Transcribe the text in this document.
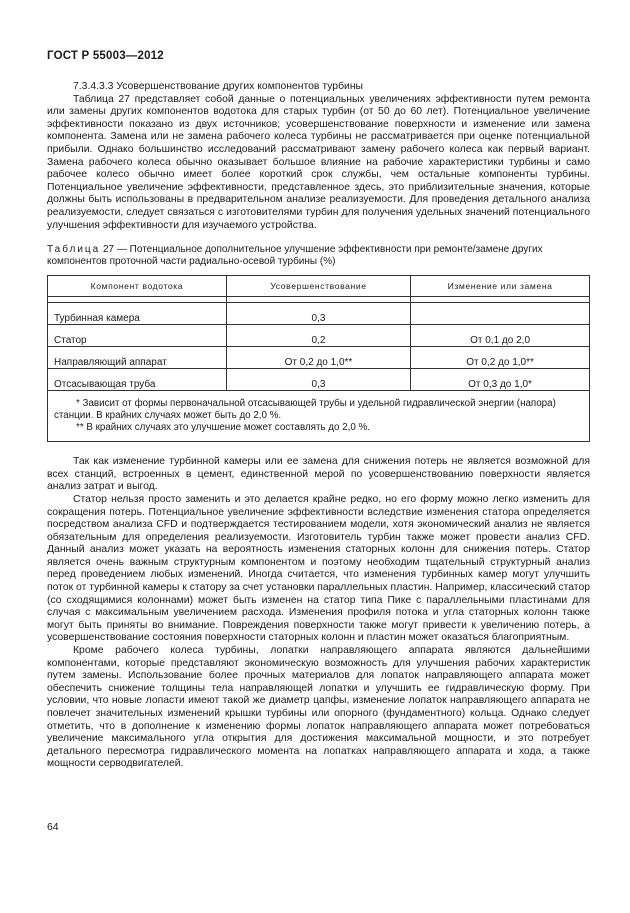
ГОСТ Р 55003—2012
7.3.4.3.3 Усовершенствование других компонентов турбины

Таблица 27 представляет собой данные о потенциальных увеличениях эффективности путем ремонта или замены других компонентов водотока для старых турбин (от 50 до 60 лет). Потенциальное увеличение эффективности показано из двух источников; усовершенствование поверхности и изменение или замена компонента. Замена или не замена рабочего колеса турбины не рассматривается при оценке потенциальной прибыли. Однако большинство исследований рассматривают замену рабочего колеса как первый вариант. Замена рабочего колеса обычно оказывает большое влияние на рабочие характеристики турбины и само рабочее колесо обычно имеет более короткий срок службы, чем остальные компоненты турбины. Потенциальное увеличение эффективности, представленное здесь, это приблизительные значения, которые должны быть использованы в предварительном анализе реализуемости. Для проведения детального анализа реализуемости, следует связаться с изготовителями турбин для получения удельных значений потенциального улучшения эффективности для изучаемого устройства.

Таблица 27 — Потенциальное дополнительное улучшение эффективности при ремонте/замене других компонентов проточной части радиально-осевой турбины (%)

Компонент водотока	Усовершенствование	Изменение или замена

Турбинная камера	0,3	
Статор	0,2	От 0,1 до 2,0
Направляющий аппарат	От 0,2 до 1,0**	От 0,2 до 1,0**
Отсасывающая труба	0,3	От 0,3 до 1,0*

* Зависит от формы первоначальной отсасывающей трубы и удельной гидравлической энергии (напора) станции. В крайних случаях может быть до 2,0 %.
** В крайних случаях это улучшение может составлять до 2,0 %.		

Так как изменение турбинной камеры или ее замена для снижения потерь не является возможной для всех станций, встроенных в цемент, единственной мерой по усовершенствованию поверхности является анализ затрат и выгод.

Статор нельзя просто заменить и это делается крайне редко, но его форму можно легко изменить для сокращения потерь. Потенциальное увеличение эффективности вследствие изменения статора определяется посредством анализа CFD и подтверждается тестированием модели, хотя экономический анализ не является обязательным для определения реализуемости. Изготовитель турбин также может провести анализ CFD. Данный анализ может указать на вероятность изменения статорных колонн для снижения потерь. Статор является очень важным структурным компонентом и поэтому необходим тщательный структурный анализ перед проведением любых изменений. Иногда считается, что изменения турбинных камер могут улучшить поток от турбинной камеры к статору за счет установки параллельных пластин. Например, классический статор (со сходящимися колоннами) может быть изменен на статор типа Пике с параллельными пластинами для случая с максимальным увеличением расхода. Изменения профиля потока и угла статорных колонн также могут быть приняты во внимание. Повреждения поверхности также могут привести к увеличению потерь, а усовершенствование состояния поверхности статорных колонн и пластин может оказаться благоприятным.

Кроме рабочего колеса турбины, лопатки направляющего аппарата являются дальнейшими компонентами, которые представляют экономическую возможность для улучшения рабочих характеристик путем замены. Использование более прочных материалов для лопаток направляющего аппарата может обеспечить снижение толщины тела направляющей лопатки и улучшить ее гидравлическую форму. При условии, что новые лопасти имеют такой же диаметр цапфы, изменение лопаток направляющего аппарата не повлечет значительных изменений крышки турбины или опорного (фундаментного) кольца. Однако следует отметить, что в дополнение к изменению формы лопаток направляющего аппарата может потребоваться увеличение максимального угла открытия для достижения максимальной мощности, и это потребует детального пересмотра гидравлического момента на лопатках направляющего аппарата и хода, а также мощности серводвигателей.

64
